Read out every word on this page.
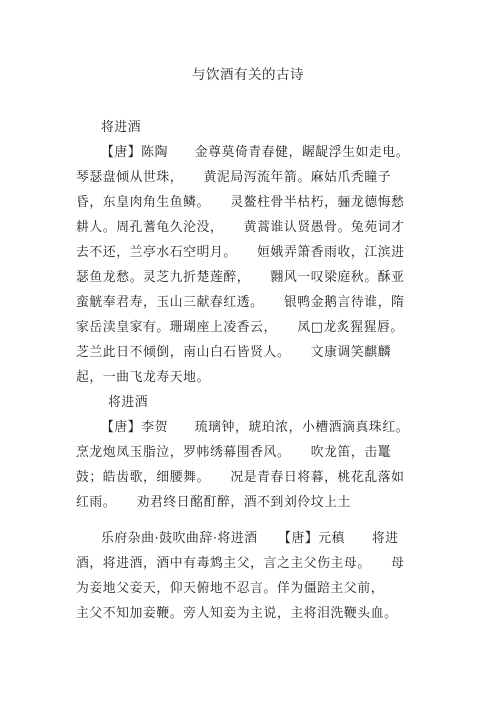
与饮酒有关的古诗
将进酒
【唐】陈陶　　金尊莫倚青春健，龌龊浮生如走电。
琴瑟盘倾从世珠，　　黄泥局泻流年箭。麻姑爪秃瞳子
昏，东皇肉角生鱼鳞。　　灵鳌柱骨半枯朽，骊龙德悔愁
耕人。周孔蓍龟久沦没，　　黄蒿谁认贤愚骨。兔苑词才
去不还，兰亭水石空明月。　　姮娥弄箫香雨收，江滨进
瑟鱼龙愁。灵芝九折楚莲醉，　　翾风一叹梁庭秋。酥亚
蛮觥奉君寿，玉山三献春红透。　　银鸭金鹅言待谁，隋
家岳渎皇家有。珊瑚座上凌香云，　　凤□龙炙猩猩唇。
芝兰此日不倾倒，南山白石皆贤人。　　文康调笑麒麟
起，一曲飞龙寿天地。
将进酒
【唐】李贺　　琉璃钟，琥珀浓，小槽酒滴真珠红。
烹龙炮凤玉脂泣，罗帏绣幕围香风。　　吹龙笛，击鼍
鼓；皓齿歌，细腰舞。　　况是青春日将暮，桃花乱落如
红雨。　　劝君终日酩酊醉，酒不到刘伶坟上土
乐府杂曲·鼓吹曲辞·将进酒　　【唐】元稹　　将进
酒，将进酒，酒中有毒鸩主父，言之主父伤主母。　　母
为妾地父妾天，仰天俯地不忍言。佯为僵踣主父前，
主父不知加妾鞭。旁人知妾为主说，主将泪洗鞭头血。
